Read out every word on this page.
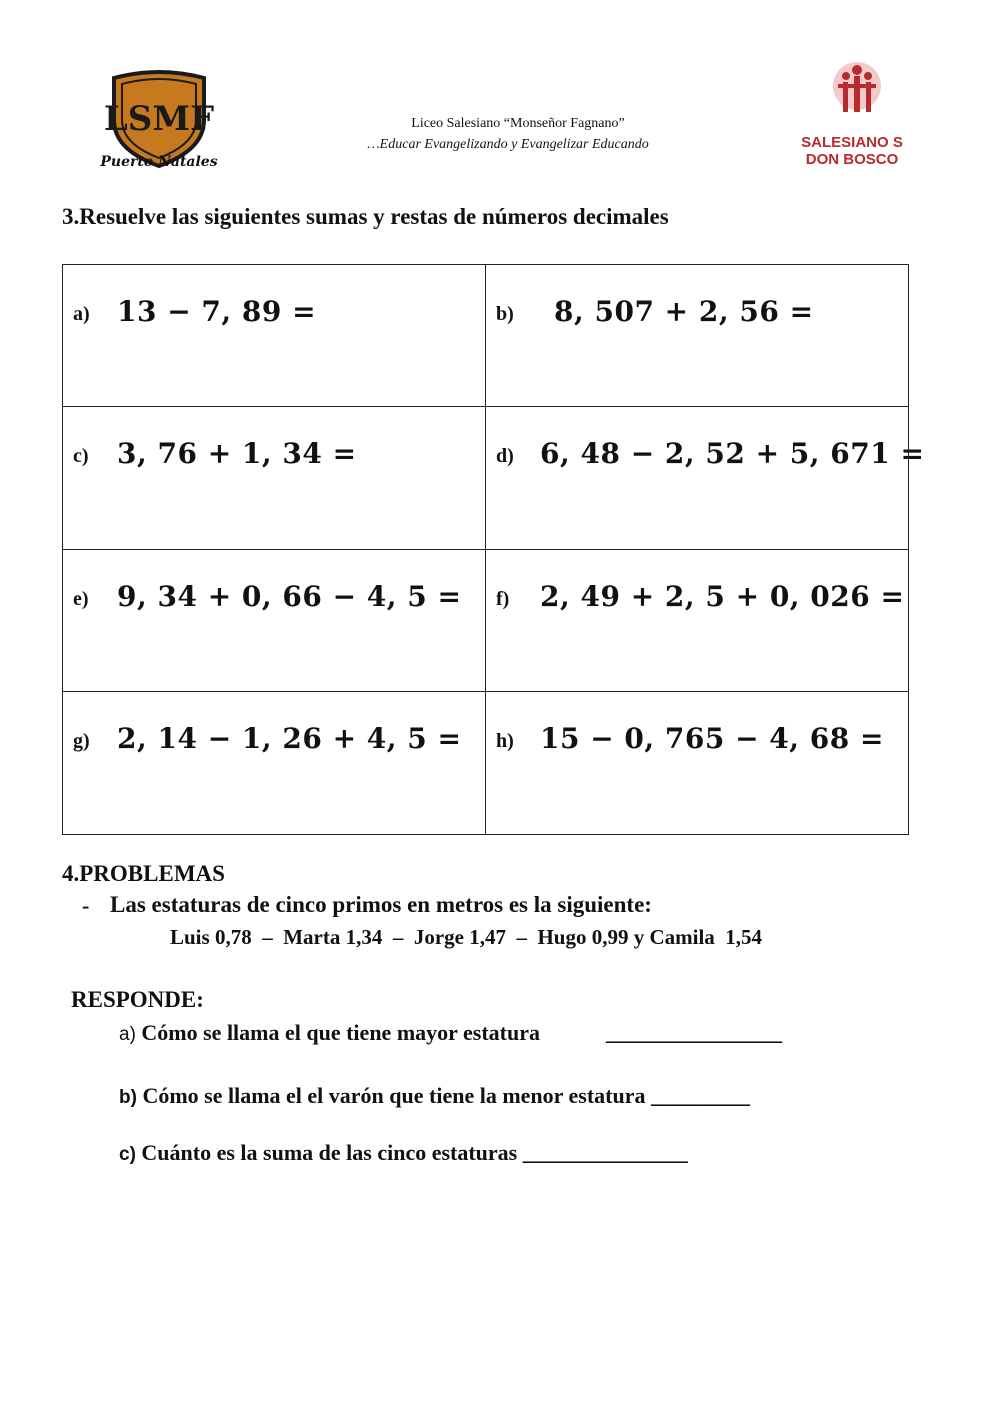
LSMF
Puerto Natales
Liceo Salesiano “Monseñor Fagnano”
…Educar Evangelizando y Evangelizar Educando	SALESIANO S
DON BOSCO
3.Resuelve las siguientes sumas y restas de números decimales
a) 13 − 7, 89 =	b) 8, 507 + 2, 56 =
c) 3, 76 + 1, 34 =	d) 6, 48 − 2, 52 + 5, 671 =
e) 9, 34 + 0, 66 − 4, 5 = f) 2, 49 + 2, 5 + 0, 026 =
g) 2, 14 − 1, 26 + 4, 5 = h) 15 − 0, 765 − 4, 68 =
4.PROBLEMAS
- Las estaturas de cinco primos en metros es la siguiente:
Luis 0,78  –  Marta 1,34  –  Jorge 1,47  –  Hugo 0,99 y Camila  1,54
RESPONDE:
a) Cómo se llama el que tiene mayor estatura	________________
b) Cómo se llama el el varón que tiene la menor estatura _________
c) Cuánto es la suma de las cinco estaturas _______________
